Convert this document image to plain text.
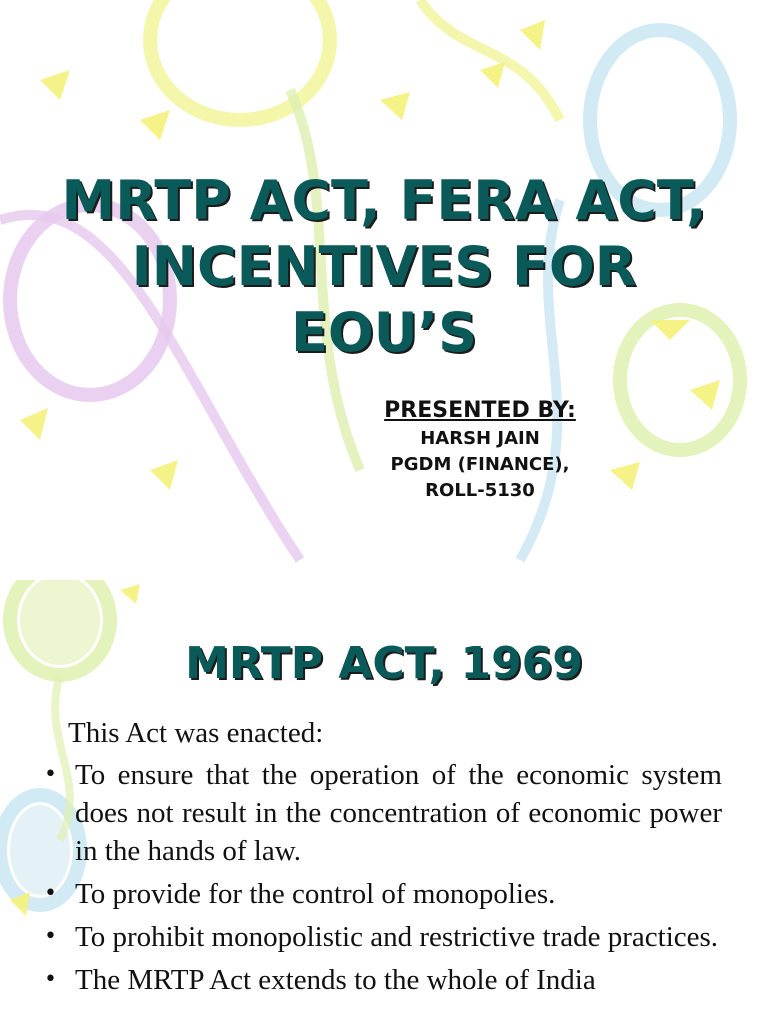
MRTP ACT, FERA ACT,
INCENTIVES FOR
EOU’S
PRESENTED BY:
HARSH JAIN
PGDM (FINANCE),
ROLL-5130
MRTP ACT, 1969
This Act was enacted:
• To ensure that the operation of the economic system does not result in the concentration of economic power in the hands of law.
• To provide for the control of monopolies.
• To prohibit monopolistic and restrictive trade practices.
• The MRTP Act extends to the whole of India
